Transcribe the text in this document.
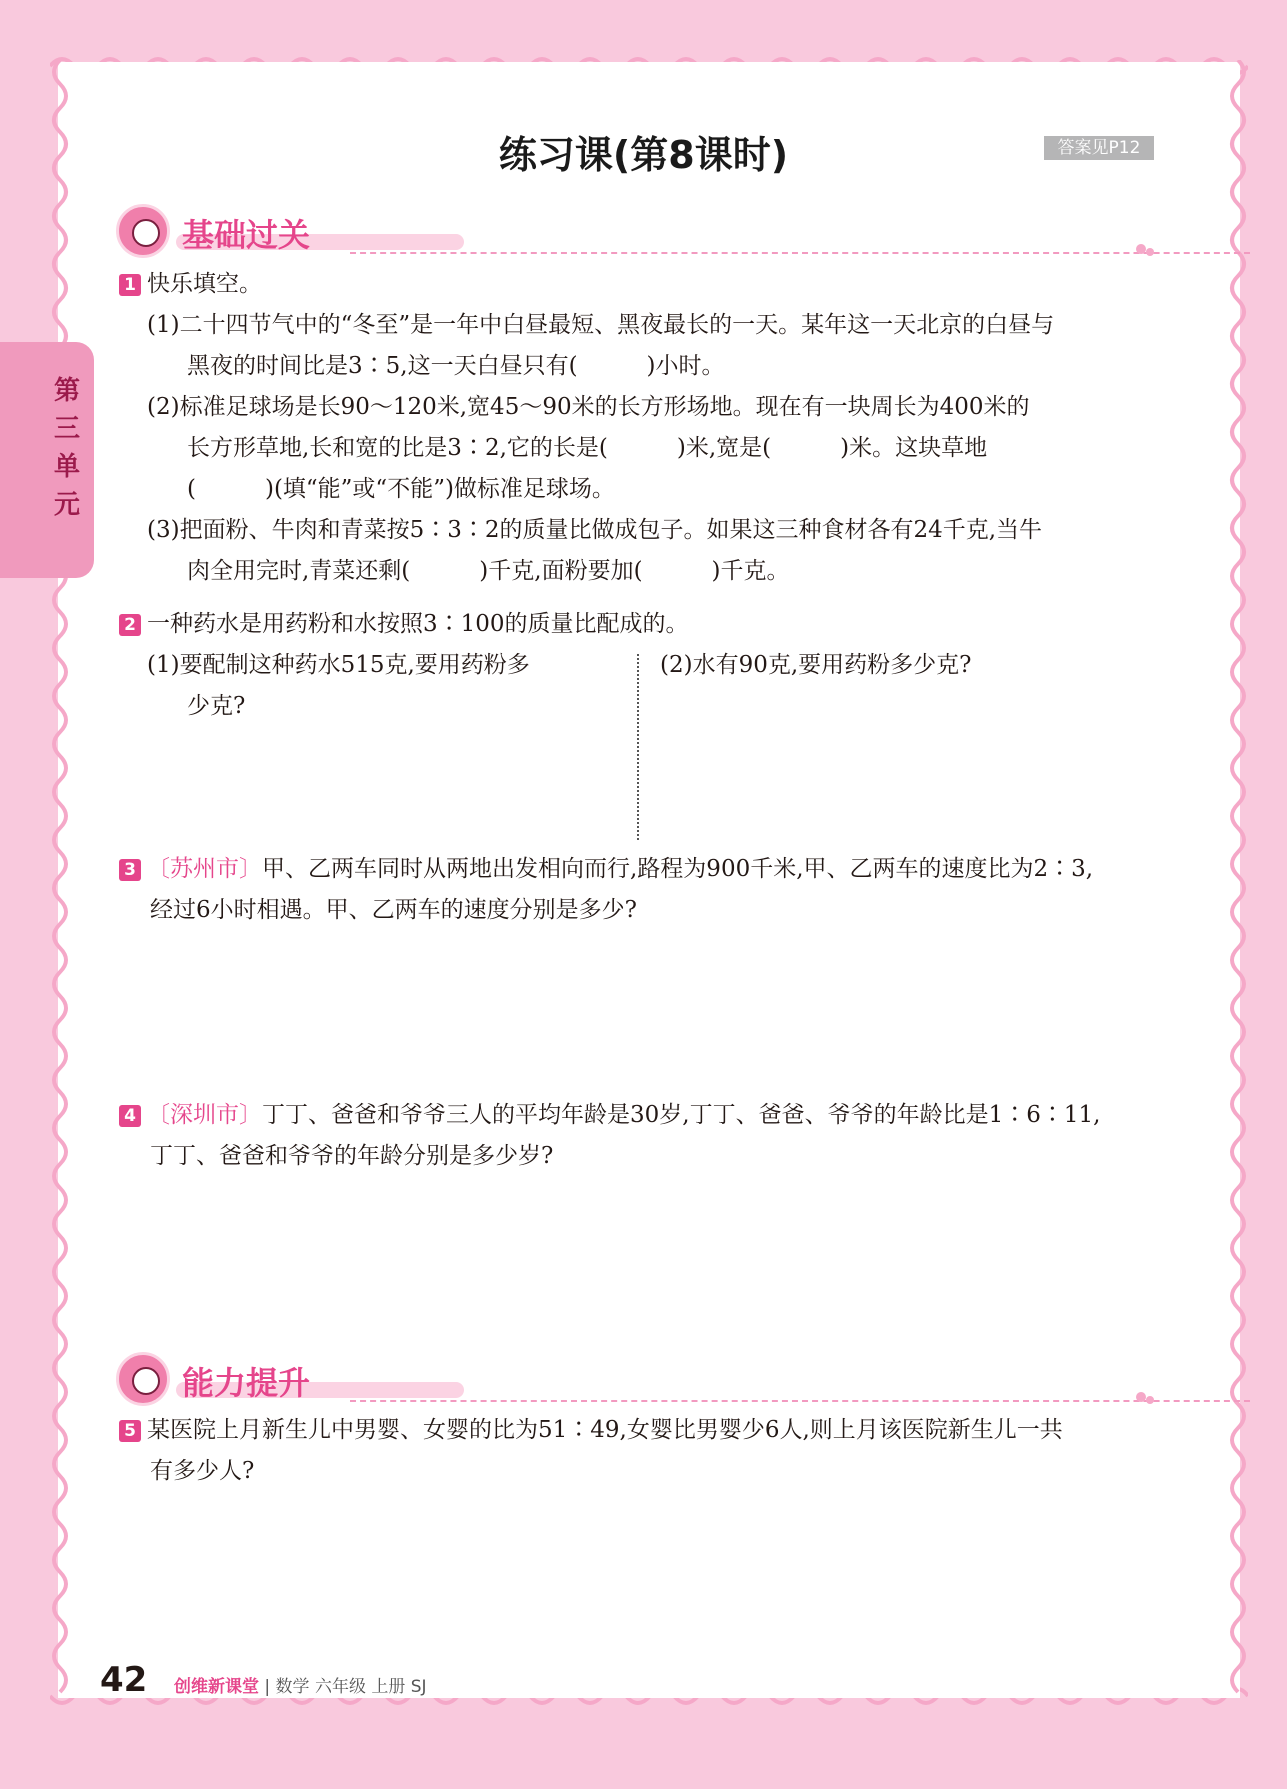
第三单元
练习课(第8课时)	答案见P12
基础过关
1 快乐填空。
(1)二十四节气中的“冬至”是一年中白昼最短、黑夜最长的一天。某年这一天北京的白昼与
黑夜的时间比是3∶5,这一天白昼只有(　　　)小时。
(2)标准足球场是长90～120米,宽45～90米的长方形场地。现在有一块周长为400米的
长方形草地,长和宽的比是3∶2,它的长是(　　　)米,宽是(　　　)米。这块草地
(　　　)(填“能”或“不能”)做标准足球场。
(3)把面粉、牛肉和青菜按5∶3∶2的质量比做成包子。如果这三种食材各有24千克,当牛
肉全用完时,青菜还剩(　　　)千克,面粉要加(　　　)千克。
2 一种药水是用药粉和水按照3∶100的质量比配成的。
(1)要配制这种药水515克,要用药粉多
少克?
(2)水有90克,要用药粉多少克?
3 〔苏州市〕甲、乙两车同时从两地出发相向而行,路程为900千米,甲、乙两车的速度比为2∶3,
经过6小时相遇。甲、乙两车的速度分别是多少?
4 〔深圳市〕丁丁、爸爸和爷爷三人的平均年龄是30岁,丁丁、爸爸、爷爷的年龄比是1∶6∶11,
丁丁、爸爸和爷爷的年龄分别是多少岁?
能力提升
5 某医院上月新生儿中男婴、女婴的比为51∶49,女婴比男婴少6人,则上月该医院新生儿一共
有多少人?
42 创维新课堂 | 数学 六年级 上册 SJ
